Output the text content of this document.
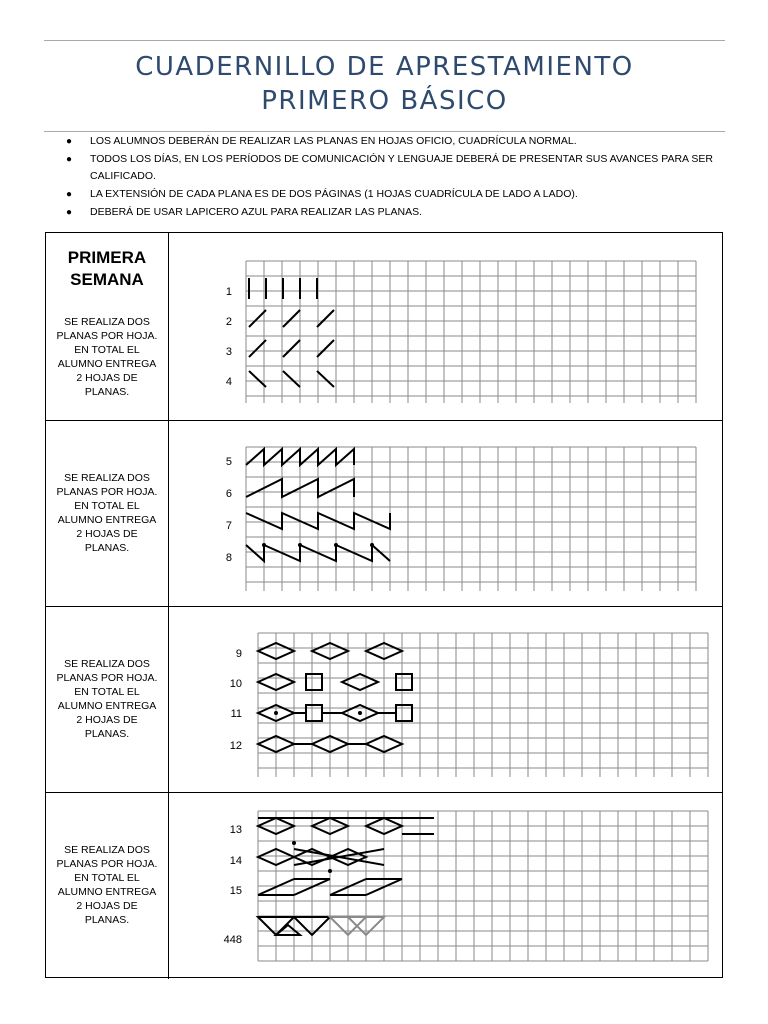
CUADERNILLO DE APRESTAMIENTO
PRIMERO BÁSICO
● LOS ALUMNOS DEBERÁN DE REALIZAR LAS PLANAS EN HOJAS OFICIO, CUADRÍCULA NORMAL.
● TODOS LOS DÍAS, EN LOS PERÍODOS DE COMUNICACIÓN Y LENGUAJE DEBERÁ DE PRESENTAR SUS AVANCES PARA SER CALIFICADO.
● LA EXTENSIÓN DE CADA PLANA ES DE DOS PÁGINAS (1 HOJAS CUADRÍCULA DE LADO A LADO).
● DEBERÁ DE USAR LAPICERO AZUL PARA REALIZAR LAS PLANAS.
PRIMERA
SEMANA
SE REALIZA DOS
PLANAS POR HOJA.
EN TOTAL EL
ALUMNO ENTREGA
2 HOJAS DE
PLANAS.
1
2
3
4
SE REALIZA DOS
PLANAS POR HOJA.
EN TOTAL EL
ALUMNO ENTREGA
2 HOJAS DE
PLANAS.
5
6
7
8
SE REALIZA DOS
PLANAS POR HOJA.
EN TOTAL EL
ALUMNO ENTREGA
2 HOJAS DE
PLANAS.
9
10
11
12
SE REALIZA DOS
PLANAS POR HOJA.
EN TOTAL EL
ALUMNO ENTREGA
2 HOJAS DE
PLANAS.
13
14
15
448
